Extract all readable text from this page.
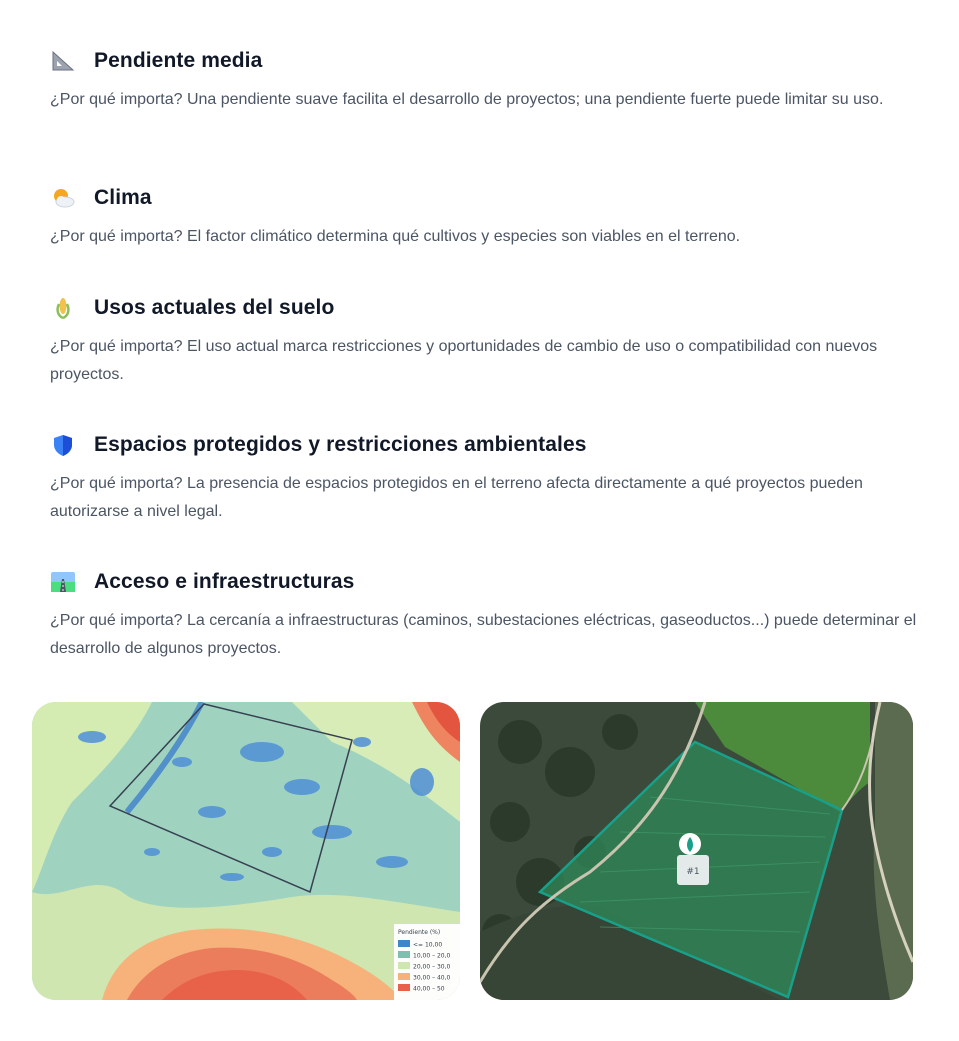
Pendiente media
¿Por qué importa? Una pendiente suave facilita el desarrollo de proyectos; una pendiente fuerte puede limitar su uso.
Clima
¿Por qué importa? El factor climático determina qué cultivos y especies son viables en el terreno.
Usos actuales del suelo
¿Por qué importa? El uso actual marca restricciones y oportunidades de cambio de uso o compatibilidad con nuevos proyectos.
Espacios protegidos y restricciones ambientales
¿Por qué importa? La presencia de espacios protegidos en el terreno afecta directamente a qué proyectos pueden autorizarse a nivel legal.
Acceso e infraestructuras
¿Por qué importa? La cercanía a infraestructuras (caminos, subestaciones eléctricas, gaseoductos...) puede determinar el desarrollo de algunos proyectos.
Pendiente (%)
<= 10,00
10,00 – 20,0
20,00 – 30,0
30,00 – 40,0
40,00 – 50
#1
